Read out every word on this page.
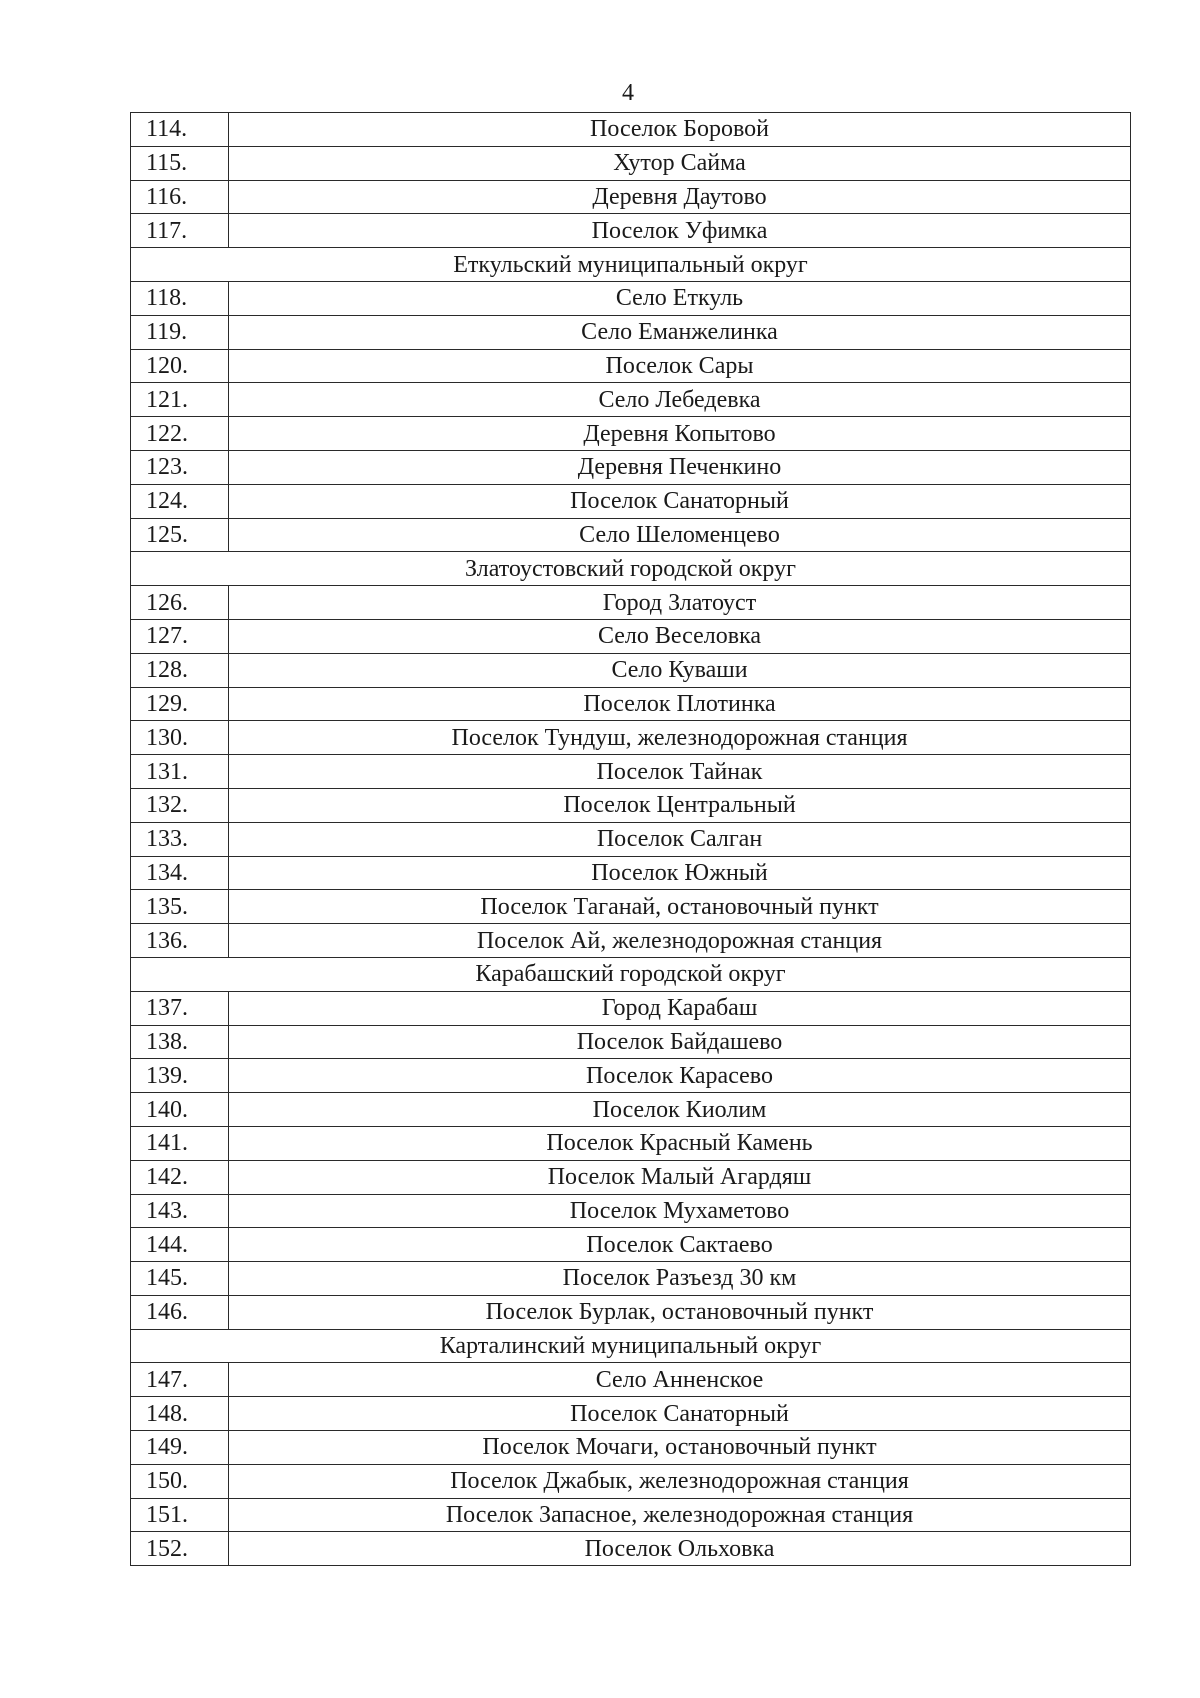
4
114.	Поселок Боровой
115.	Хутор Сайма
116.	Деревня Даутово
117.	Поселок Уфимка
Еткульский муниципальный округ	
118.	Село Еткуль
119.	Село Еманжелинка
120.	Поселок Сары
121.	Село Лебедевка
122.	Деревня Копытово
123.	Деревня Печенкино
124.	Поселок Санаторный
125.	Село Шеломенцево
Златоустовский городской округ	
126.	Город Златоуст
127.	Село Веселовка
128.	Село Куваши
129.	Поселок Плотинка
130.	Поселок Тундуш, железнодорожная станция
131.	Поселок Тайнак
132.	Поселок Центральный
133.	Поселок Салган
134.	Поселок Южный
135.	Поселок Таганай, остановочный пункт
136.	Поселок Ай, железнодорожная станция
Карабашский городской округ	
137.	Город Карабаш
138.	Поселок Байдашево
139.	Поселок Карасево
140.	Поселок Киолим
141.	Поселок Красный Камень
142.	Поселок Малый Агардяш
143.	Поселок Мухаметово
144.	Поселок Сактаево
145.	Поселок Разъезд 30 км
146.	Поселок Бурлак, остановочный пункт
Карталинский муниципальный округ	
147.	Село Анненское
148.	Поселок Санаторный
149.	Поселок Мочаги, остановочный пункт
150.	Поселок Джабык, железнодорожная станция
151.	Поселок Запасное, железнодорожная станция
152.	Поселок Ольховка
